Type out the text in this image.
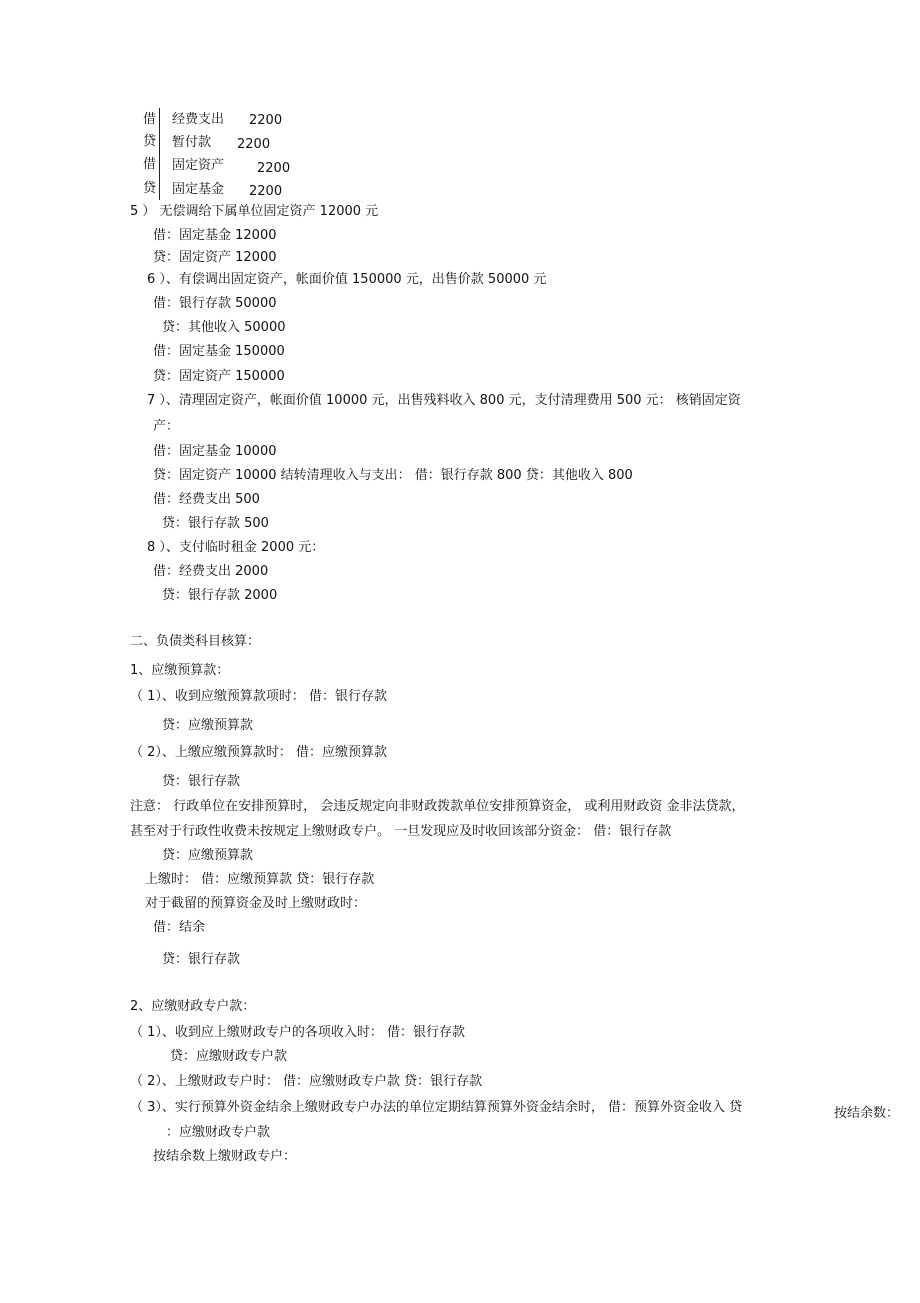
借 经费支出 2200
贷 暂付款 2200
借 固定资产	2200
贷 固定基金 2200
5 ） 无偿调给下属单位固定资产 12000 元
借：固定基金 12000
贷：固定资产 12000
6 ）、有偿调出固定资产，帐面价值 150000 元，出售价款 50000 元
借：银行存款 50000
贷：其他收入 50000
借：固定基金 150000
贷：固定资产 150000
7 ）、清理固定资产，帐面价值 10000 元，出售残料收入 800 元，支付清理费用 500 元： 核销固定资
产：
借：固定基金 10000
贷：固定资产 10000 结转清理收入与支出： 借：银行存款 800 贷：其他收入 800
借：经费支出 500
贷：银行存款 500
8 ）、支付临时租金 2000 元：
借：经费支出 2000
贷：银行存款 2000
二、负债类科目核算：
1、应缴预算款：
（ 1）、收到应缴预算款项时： 借：银行存款
贷：应缴预算款
（ 2）、上缴应缴预算款时： 借：应缴预算款
贷：银行存款
注意： 行政单位在安排预算时， 会违反规定向非财政拨款单位安排预算资金， 或利用财政资 金非法贷款，
甚至对于行政性收费未按规定上缴财政专户。 一旦发现应及时收回该部分资金： 借：银行存款
贷：应缴预算款
上缴时： 借：应缴预算款 贷：银行存款
对于截留的预算资金及时上缴财政时：
借：结余
贷：银行存款
2、应缴财政专户款：
（ 1）、收到应上缴财政专户的各项收入时： 借：银行存款
贷：应缴财政专户款
（ 2）、上缴财政专户时： 借：应缴财政专户款 贷：银行存款
（ 3）、实行预算外资金结余上缴财政专户办法的单位定期结算预算外资金结余时， 借：预算外资金收入 贷	按结余数：
：应缴财政专户款
按结余数上缴财政专户：
